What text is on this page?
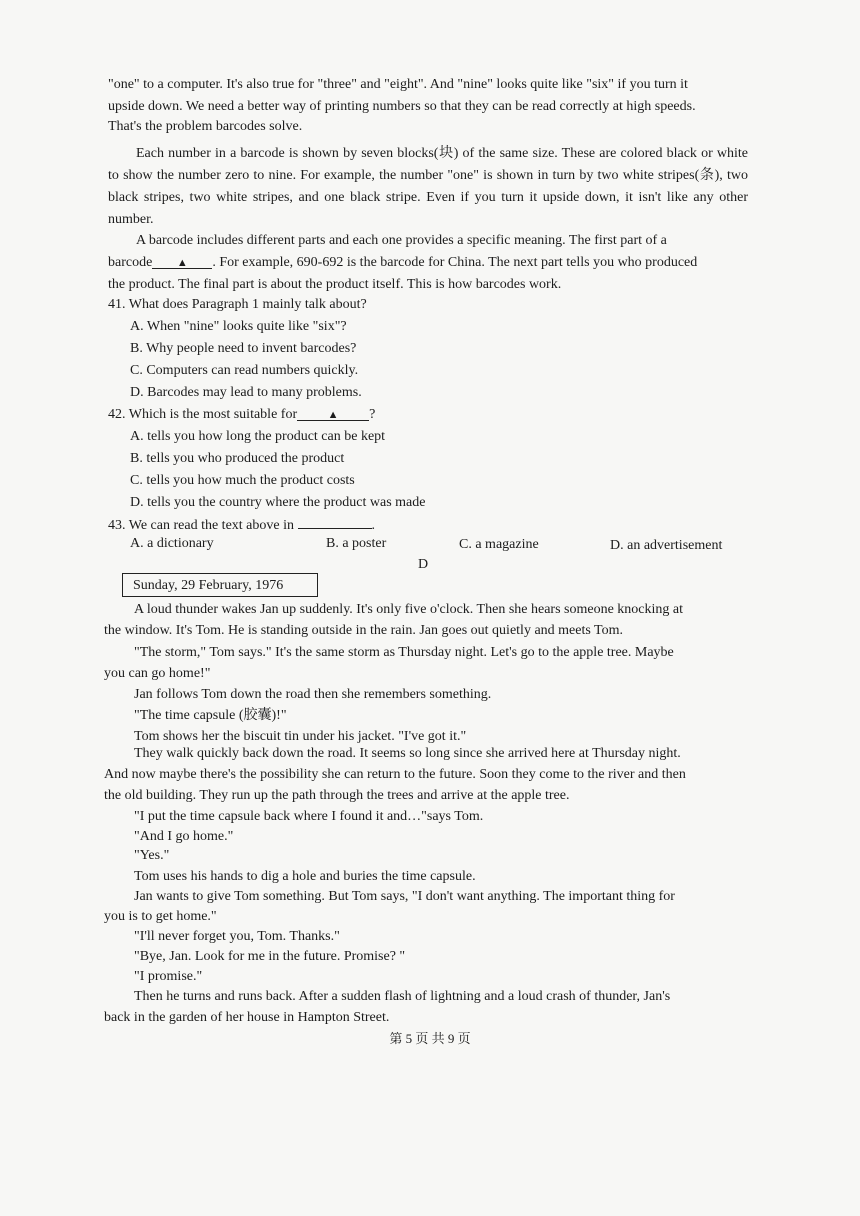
"one" to a computer. It's also true for "three" and "eight". And "nine" looks quite like "six" if you turn it
upside down. We need a better way of printing numbers so that they can be read correctly at high speeds.
That's the problem barcodes solve.
Each number in a barcode is shown by seven blocks(块) of the same size. These are colored black or white to show the number zero to nine. For example, the number "one" is shown in turn by two white stripes(条), two black stripes, two white stripes, and one black stripe. Even if you turn it upside down, it isn't like any other number.
A barcode includes different parts and each one provides a specific meaning. The first part of a
barcode ▲ . For example, 690-692 is the barcode for China. The next part tells you who produced
the product. The final part is about the product itself. This is how barcodes work.
41. What does Paragraph 1 mainly talk about?
A. When "nine" looks quite like "six"?
B. Why people need to invent barcodes?
C. Computers can read numbers quickly.
D. Barcodes may lead to many problems.
42. Which is the most suitable for	▲ ?
A. tells you how long the product can be kept
B. tells you who produced the product
C. tells you how much the product costs
D. tells you the country where the product was made
43. We can read the text above in	.
A. a dictionary	B. a poster	C. a magazine	D. an advertisement
D
Sunday, 29 February, 1976
A loud thunder wakes Jan up suddenly. It's only five o'clock. Then she hears someone knocking at
the window. It's Tom. He is standing outside in the rain. Jan goes out quietly and meets Tom.
"The storm," Tom says." It's the same storm as Thursday night. Let's go to the apple tree. Maybe
you can go home!"
Jan follows Tom down the road then she remembers something.
"The time capsule (胶囊)!"
Tom shows her the biscuit tin under his jacket. "I've got it."
They walk quickly back down the road. It seems so long since she arrived here at Thursday night.
And now maybe there's the possibility she can return to the future. Soon they come to the river and then
the old building. They run up the path through the trees and arrive at the apple tree.
"I put the time capsule back where I found it and…"says Tom.
"And I go home."
"Yes."
Tom uses his hands to dig a hole and buries the time capsule.
Jan wants to give Tom something. But Tom says, "I don't want anything. The important thing for
you is to get home."
"I'll never forget you, Tom. Thanks."
"Bye, Jan. Look for me in the future. Promise? "
"I promise."
Then he turns and runs back. After a sudden flash of lightning and a loud crash of thunder, Jan's
back in the garden of her house in Hampton Street.
第 5 页 共 9 页
